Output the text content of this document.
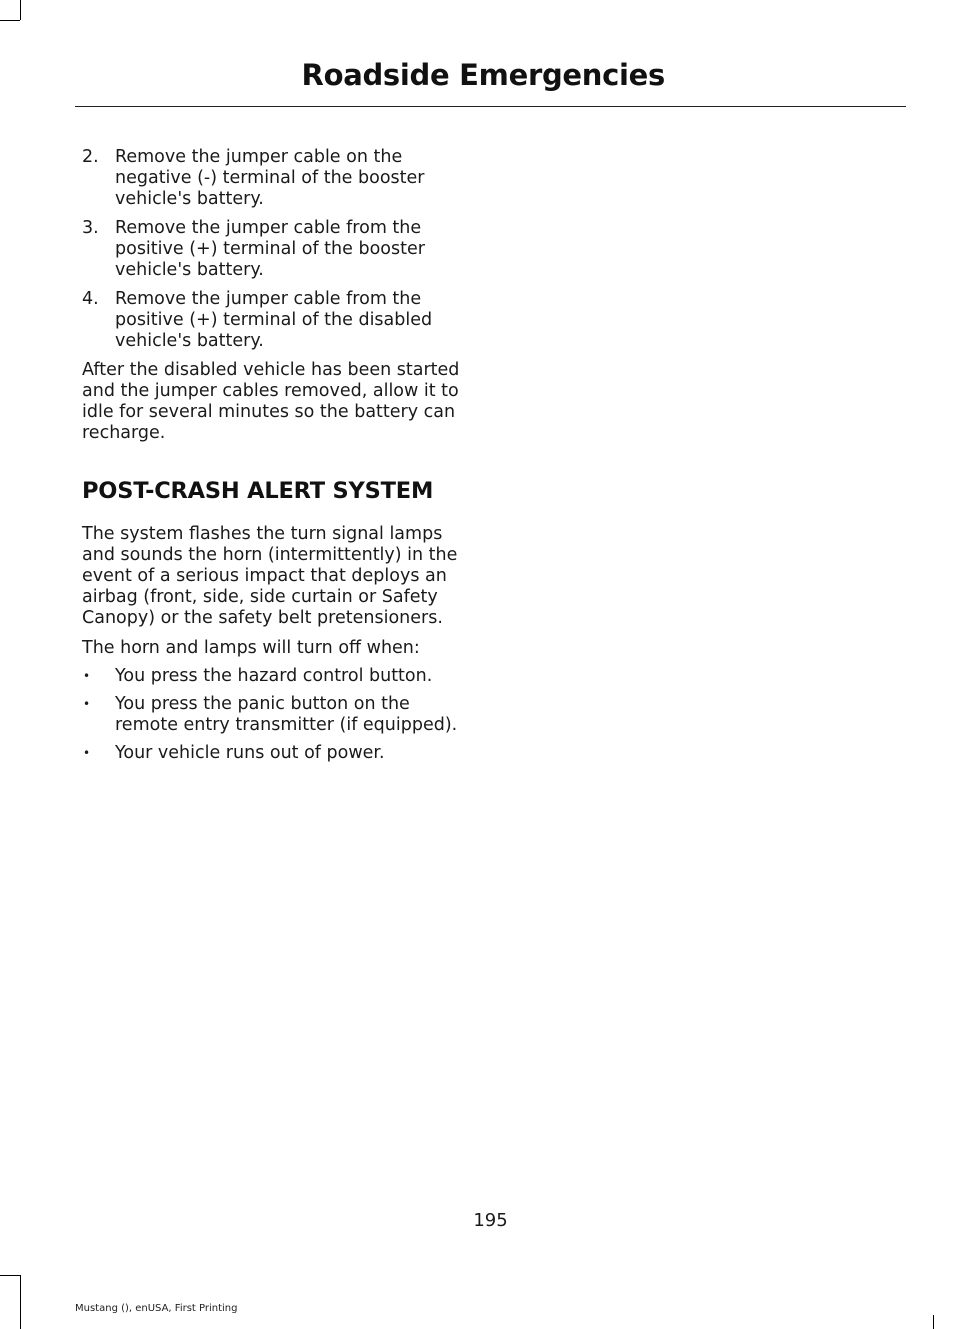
Roadside Emergencies
2. Remove the jumper cable on the negative (-) terminal of the booster vehicle's battery.
3. Remove the jumper cable from the positive (+) terminal of the booster vehicle's battery.
4. Remove the jumper cable from the positive (+) terminal of the disabled vehicle's battery.

After the disabled vehicle has been started and the jumper cables removed, allow it to idle for several minutes so the battery can recharge.

POST-CRASH ALERT SYSTEM

The system flashes the turn signal lamps and sounds the horn (intermittently) in the event of a serious impact that deploys an airbag (front, side, side curtain or Safety Canopy) or the safety belt pretensioners.

The horn and lamps will turn off when:

• You press the hazard control button.
• You press the panic button on the remote entry transmitter (if equipped).
• Your vehicle runs out of power.
195
Mustang (), enUSA, First Printing
